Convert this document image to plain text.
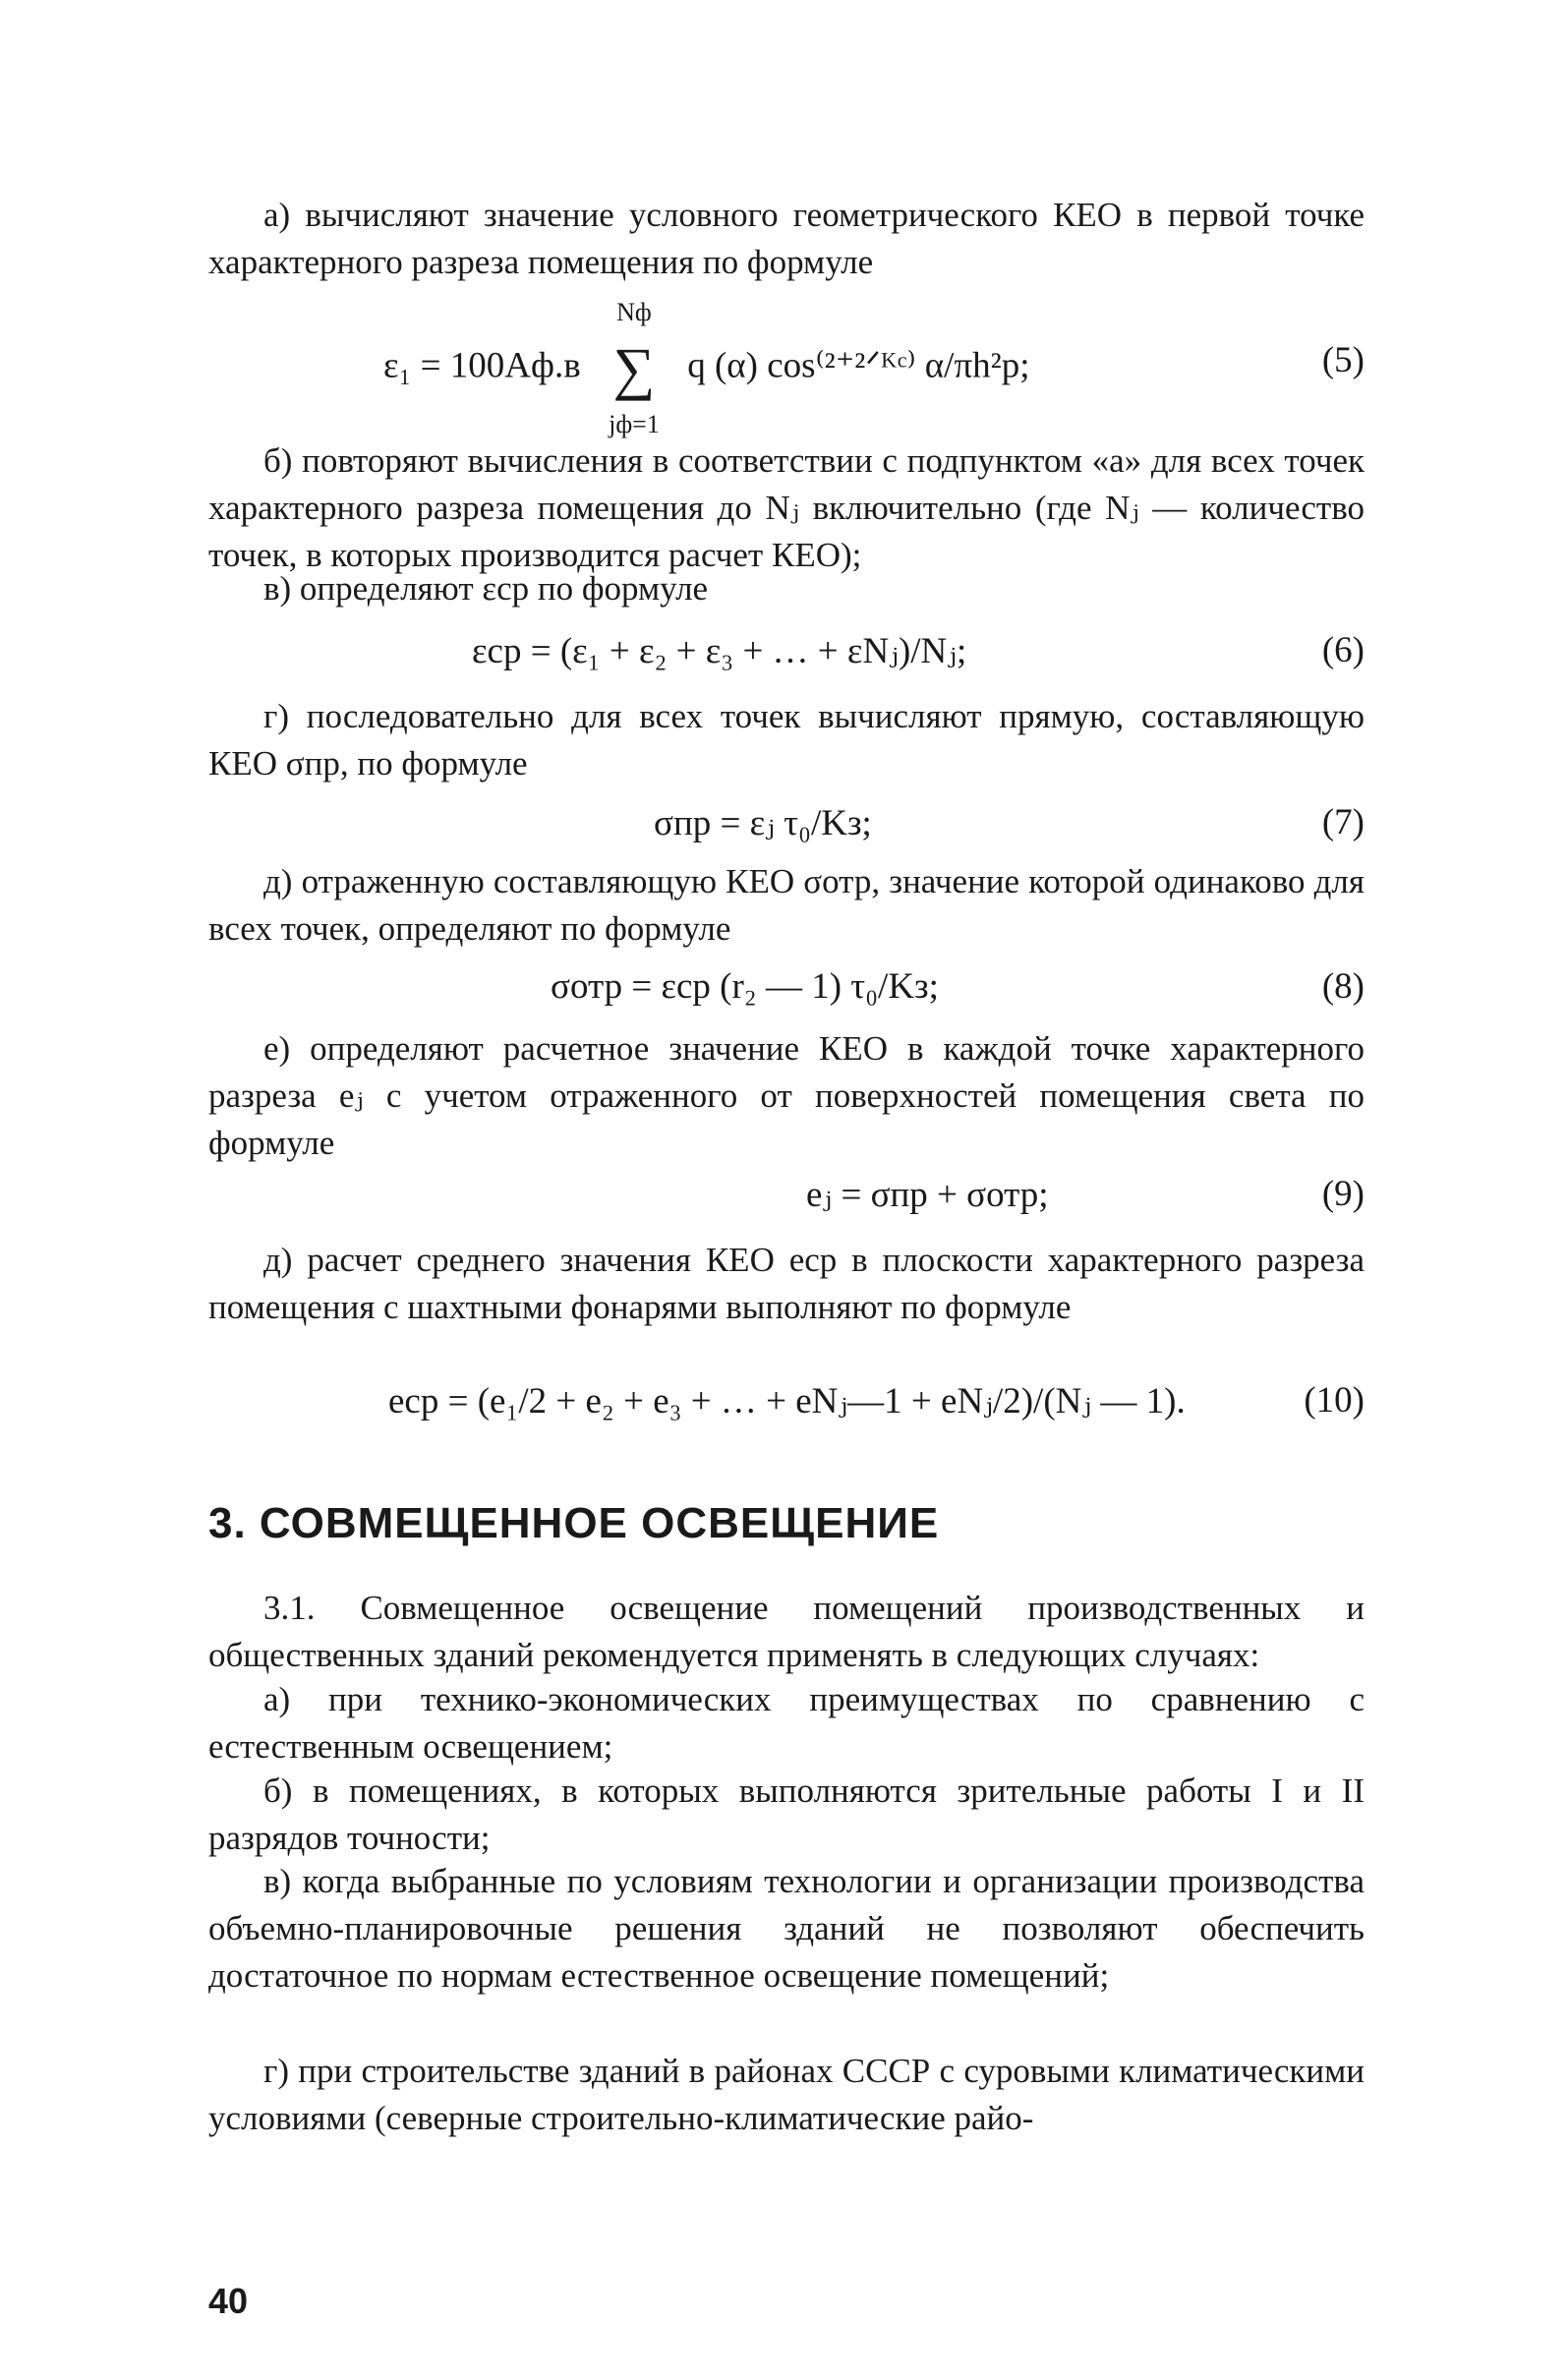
а) вычисляют значение условного геометрического КЕО в первой точке характерного разреза помещения по формуле

ε₁ = 100Aф.в
Nф
∑
jф=1
q (α) cos⁽²⁺²ᐟᴷᶜ⁾ α/πh²р;	(5)

б) повторяют вычисления в соответствии с подпунктом «а» для всех точек характерного разреза помещения до Nⱼ включительно (где Nⱼ — количество точек, в которых производится расчет КЕО);

в) определяют εср по формуле

εср = (ε₁ + ε₂ + ε₃ + … + εNⱼ)/Nⱼ;	(6)

г) последовательно для всех точек вычисляют прямую, составляющую КЕО σпр, по формуле

σпр = εⱼ τ₀/Kз;	(7)

д) отраженную составляющую КЕО σотр, значение которой одинаково для всех точек, определяют по формуле

σотр = εср (r₂ — 1) τ₀/Kз;	(8)

е) определяют расчетное значение КЕО в каждой точке характерного разреза eⱼ с учетом отраженного от поверхностей помещения света по формуле

eⱼ = σпр + σотр;	(9)

д) расчет среднего значения КЕО eср в плоскости характерного разреза помещения с шахтными фонарями выполняют по формуле

eср = (e₁/2 + e₂ + e₃ + … + eNⱼ—1 + eNⱼ/2)/(Nⱼ — 1).	(10)
3. СОВМЕЩЕННОЕ ОСВЕЩЕНИЕ

3.1. Совмещенное освещение помещений производственных и общественных зданий рекомендуется применять в следующих случаях:

а) при технико-экономических преимуществах по сравнению с естественным освещением;

б) в помещениях, в которых выполняются зрительные работы I и II разрядов точности;

в) когда выбранные по условиям технологии и организации производства объемно-планировочные решения зданий не позволяют обеспечить достаточное по нормам естественное освещение помещений;

г) при строительстве зданий в районах СССР с суровыми климатическими условиями (северные строительно-климатические райо-

40
